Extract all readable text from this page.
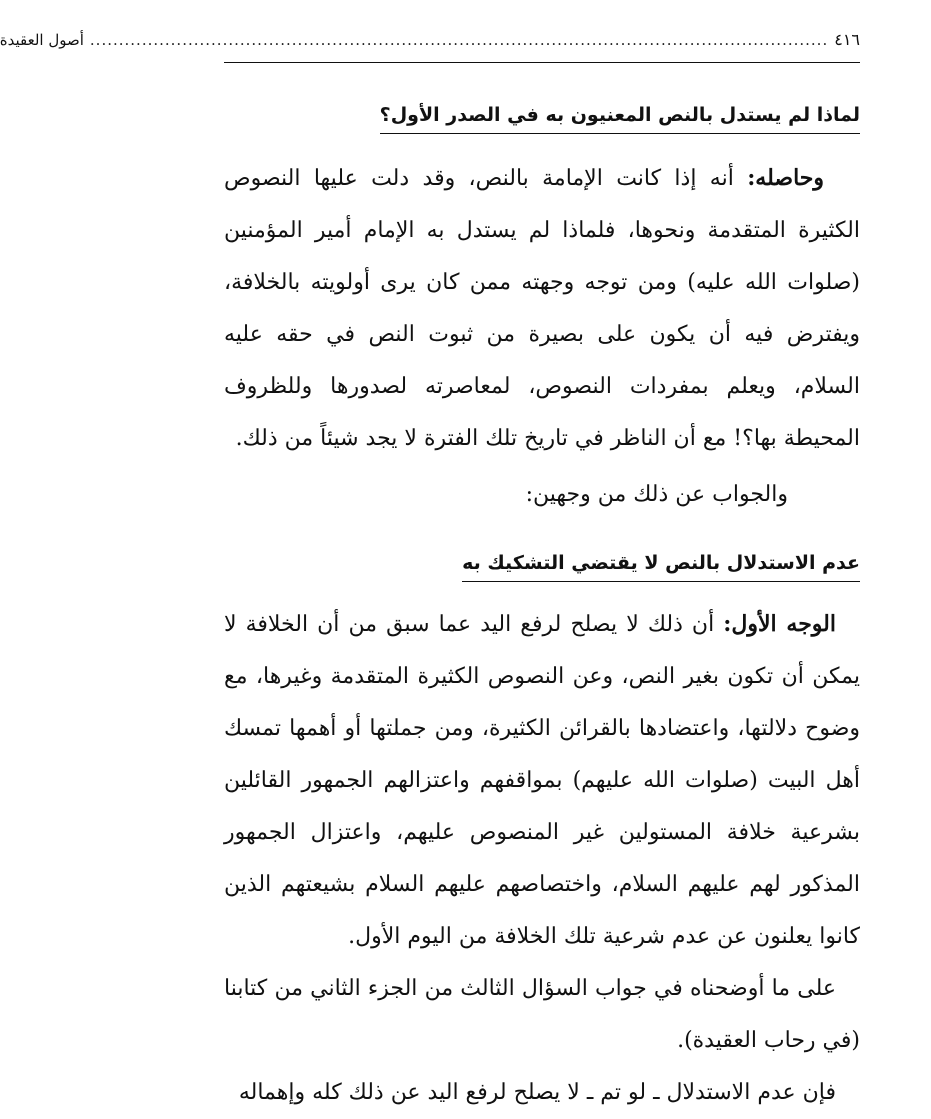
٤١٦
................................................................................................................................
أصول العقيدة
لماذا لم يستدل بالنص المعنيون به في الصدر الأول؟

وحاصله: أنه إذا كانت الإمامة بالنص، وقد دلت عليها النصوص الكثيرة المتقدمة ونحوها، فلماذا لم يستدل به الإمام أمير المؤمنين (صلوات الله عليه) ومن توجه وجهته ممن كان يرى أولويته بالخلافة، ويفترض فيه أن يكون على بصيرة من ثبوت النص في حقه عليه السلام، ويعلم بمفردات النصوص، لمعاصرته لصدورها وللظروف المحيطة بها؟! مع أن الناظر في تاريخ تلك الفترة لا يجد شيئاً من ذلك.

والجواب عن ذلك من وجهين:

عدم الاستدلال بالنص لا يقتضي التشكيك به

الوجه الأول: أن ذلك لا يصلح لرفع اليد عما سبق من أن الخلافة لا يمكن أن تكون بغير النص، وعن النصوص الكثيرة المتقدمة وغيرها، مع وضوح دلالتها، واعتضادها بالقرائن الكثيرة، ومن جملتها أو أهمها تمسك أهل البيت (صلوات الله عليهم) بمواقفهم واعتزالهم الجمهور القائلين بشرعية خلافة المستولين غير المنصوص عليهم، واعتزال الجمهور المذكور لهم عليهم السلام، واختصاصهم عليهم السلام بشيعتهم الذين كانوا يعلنون عن عدم شرعية تلك الخلافة من اليوم الأول.

على ما أوضحناه في جواب السؤال الثالث من الجزء الثاني من كتابنا (في رحاب العقيدة).

فإن عدم الاستدلال ـ لو تم ـ لا يصلح لرفع اليد عن ذلك كله وإهماله
